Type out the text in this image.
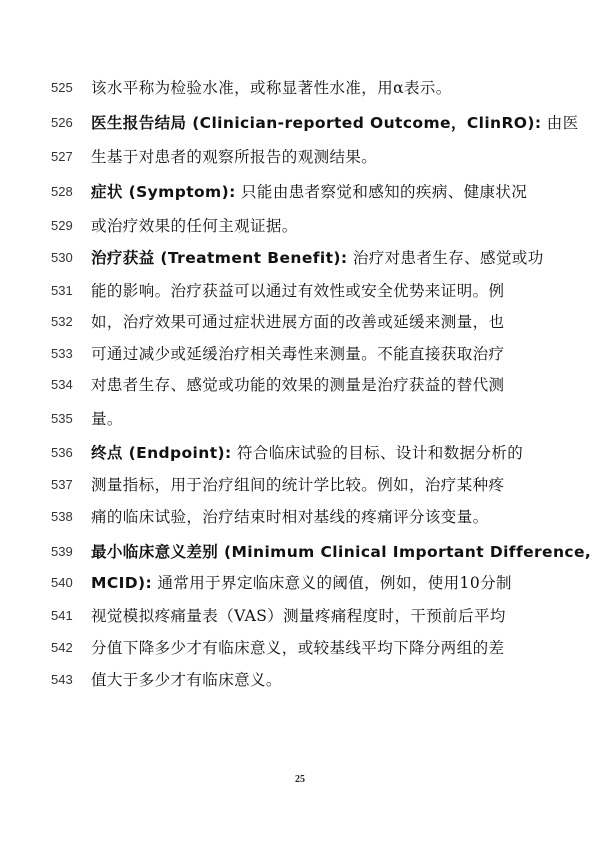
525	该水平称为检验水准，或称显著性水准，用α表示。
526	医生报告结局 (Clinician-reported Outcome，ClinRO): 由医
527	生基于对患者的观察所报告的观测结果。
528	症状 (Symptom): 只能由患者察觉和感知的疾病、健康状况
529	或治疗效果的任何主观证据。
530	治疗获益 (Treatment Benefit): 治疗对患者生存、感觉或功
531	能的影响。治疗获益可以通过有效性或安全优势来证明。例
532	如，治疗效果可通过症状进展方面的改善或延缓来测量，也
533	可通过减少或延缓治疗相关毒性来测量。不能直接获取治疗
534	对患者生存、感觉或功能的效果的测量是治疗获益的替代测
535	量。
536	终点 (Endpoint): 符合临床试验的目标、设计和数据分析的
537	测量指标，用于治疗组间的统计学比较。例如，治疗某种疼
538	痛的临床试验，治疗结束时相对基线的疼痛评分该变量。
539	最小临床意义差别 (Minimum Clinical Important Difference,
540	MCID): 通常用于界定临床意义的阈值，例如，使用10分制
541	视觉模拟疼痛量表（VAS）测量疼痛程度时，干预前后平均
542	分值下降多少才有临床意义，或较基线平均下降分两组的差
543	值大于多少才有临床意义。
25
